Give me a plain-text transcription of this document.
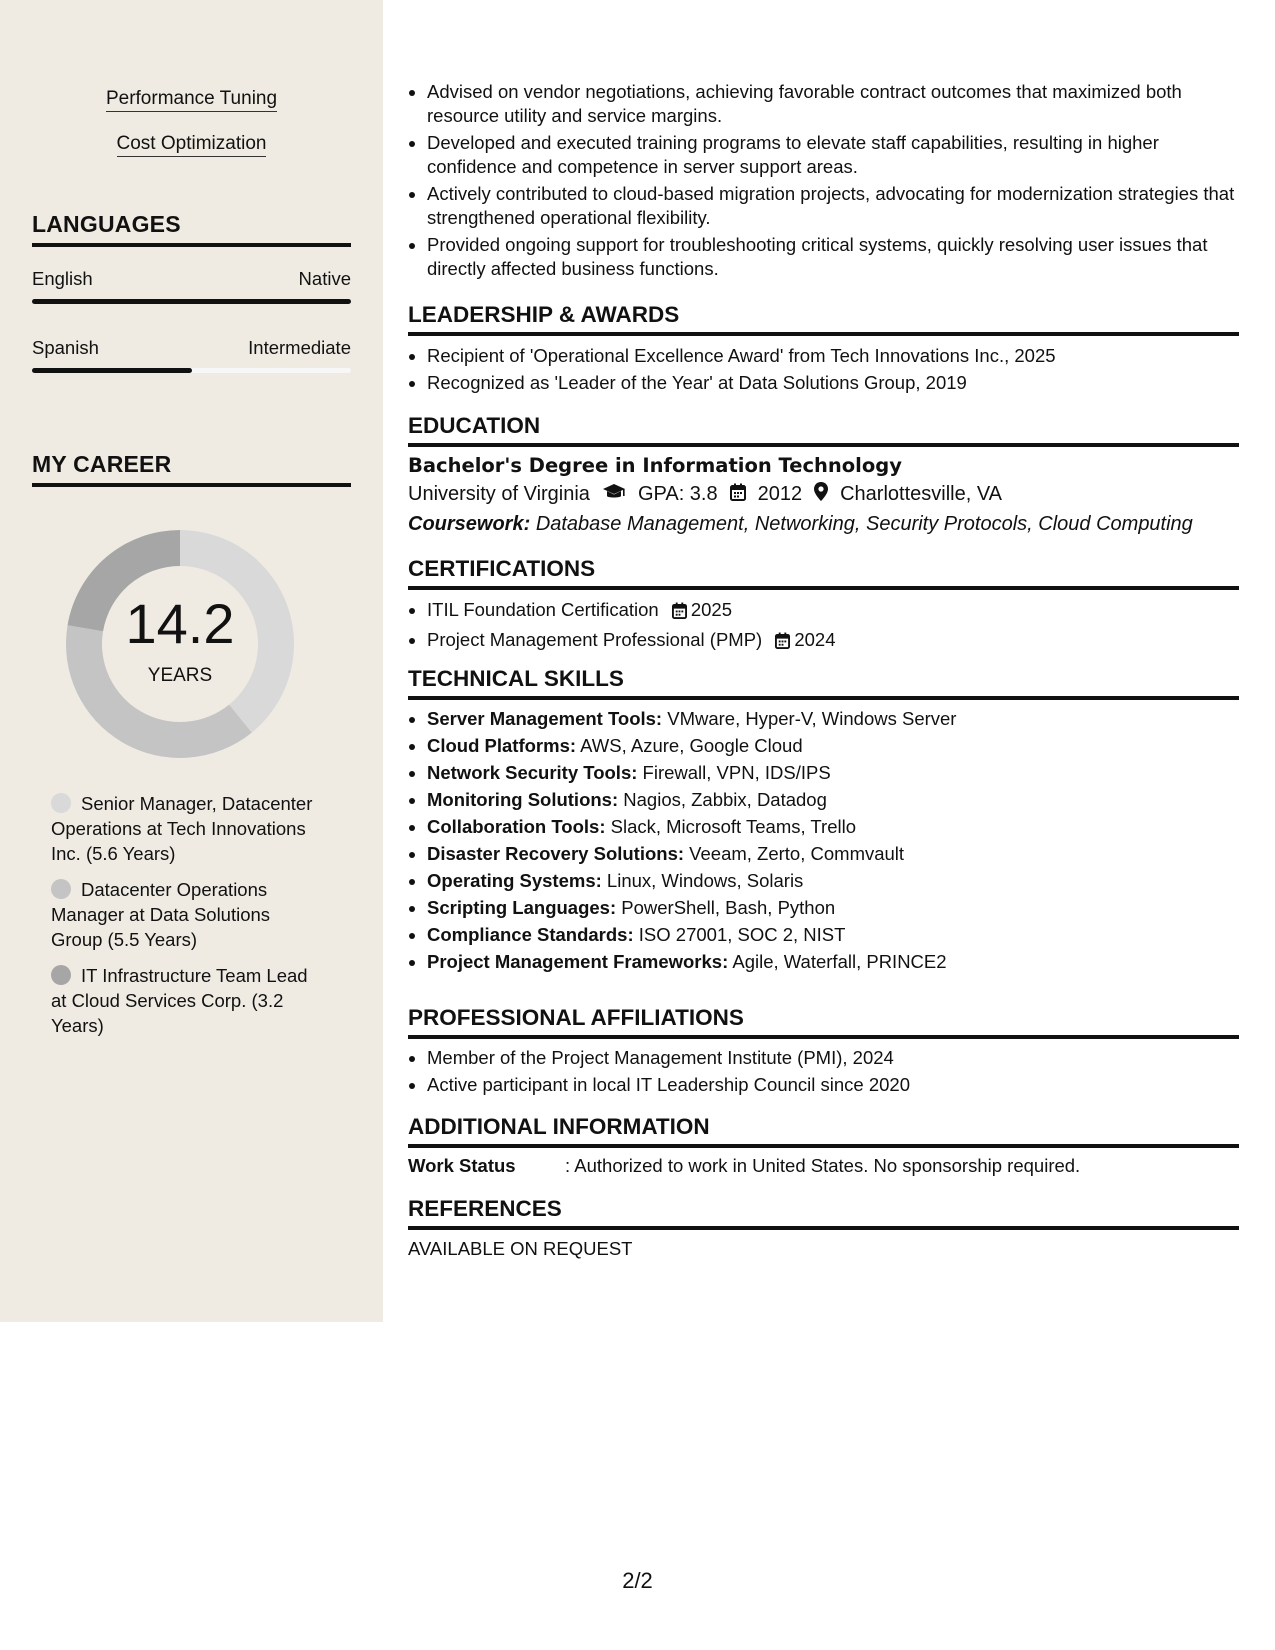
Performance Tuning
Cost Optimization
LANGUAGES
English	Native
Spanish	Intermediate
MY CAREER
14.2
YEARS
Senior Manager, Datacenter Operations at Tech Innovations Inc. (5.6 Years)
Datacenter Operations Manager at Data Solutions Group (5.5 Years)
IT Infrastructure Team Lead at Cloud Services Corp. (3.2 Years)
• Advised on vendor negotiations, achieving favorable contract outcomes that maximized both resource utility and service margins.
• Developed and executed training programs to elevate staff capabilities, resulting in higher confidence and competence in server support areas.
• Actively contributed to cloud-based migration projects, advocating for modernization strategies that strengthened operational flexibility.
• Provided ongoing support for troubleshooting critical systems, quickly resolving user issues that directly affected business functions.
LEADERSHIP & AWARDS
• Recipient of 'Operational Excellence Award' from Tech Innovations Inc., 2025
• Recognized as 'Leader of the Year' at Data Solutions Group, 2019
EDUCATION
Bachelor's Degree in Information Technology
University of Virginia GPA: 3.8 2012 Charlottesville, VA
Coursework: Database Management, Networking, Security Protocols, Cloud Computing
CERTIFICATIONS
• ITIL Foundation Certification 2025
• Project Management Professional (PMP) 2024
TECHNICAL SKILLS
• Server Management Tools: VMware, Hyper-V, Windows Server
• Cloud Platforms: AWS, Azure, Google Cloud
• Network Security Tools: Firewall, VPN, IDS/IPS
• Monitoring Solutions: Nagios, Zabbix, Datadog
• Collaboration Tools: Slack, Microsoft Teams, Trello
• Disaster Recovery Solutions: Veeam, Zerto, Commvault
• Operating Systems: Linux, Windows, Solaris
• Scripting Languages: PowerShell, Bash, Python
• Compliance Standards: ISO 27001, SOC 2, NIST
• Project Management Frameworks: Agile, Waterfall, PRINCE2
PROFESSIONAL AFFILIATIONS
• Member of the Project Management Institute (PMI), 2024
• Active participant in local IT Leadership Council since 2020
ADDITIONAL INFORMATION
Work Status	: Authorized to work in United States. No sponsorship required.
REFERENCES
AVAILABLE ON REQUEST
2/2
